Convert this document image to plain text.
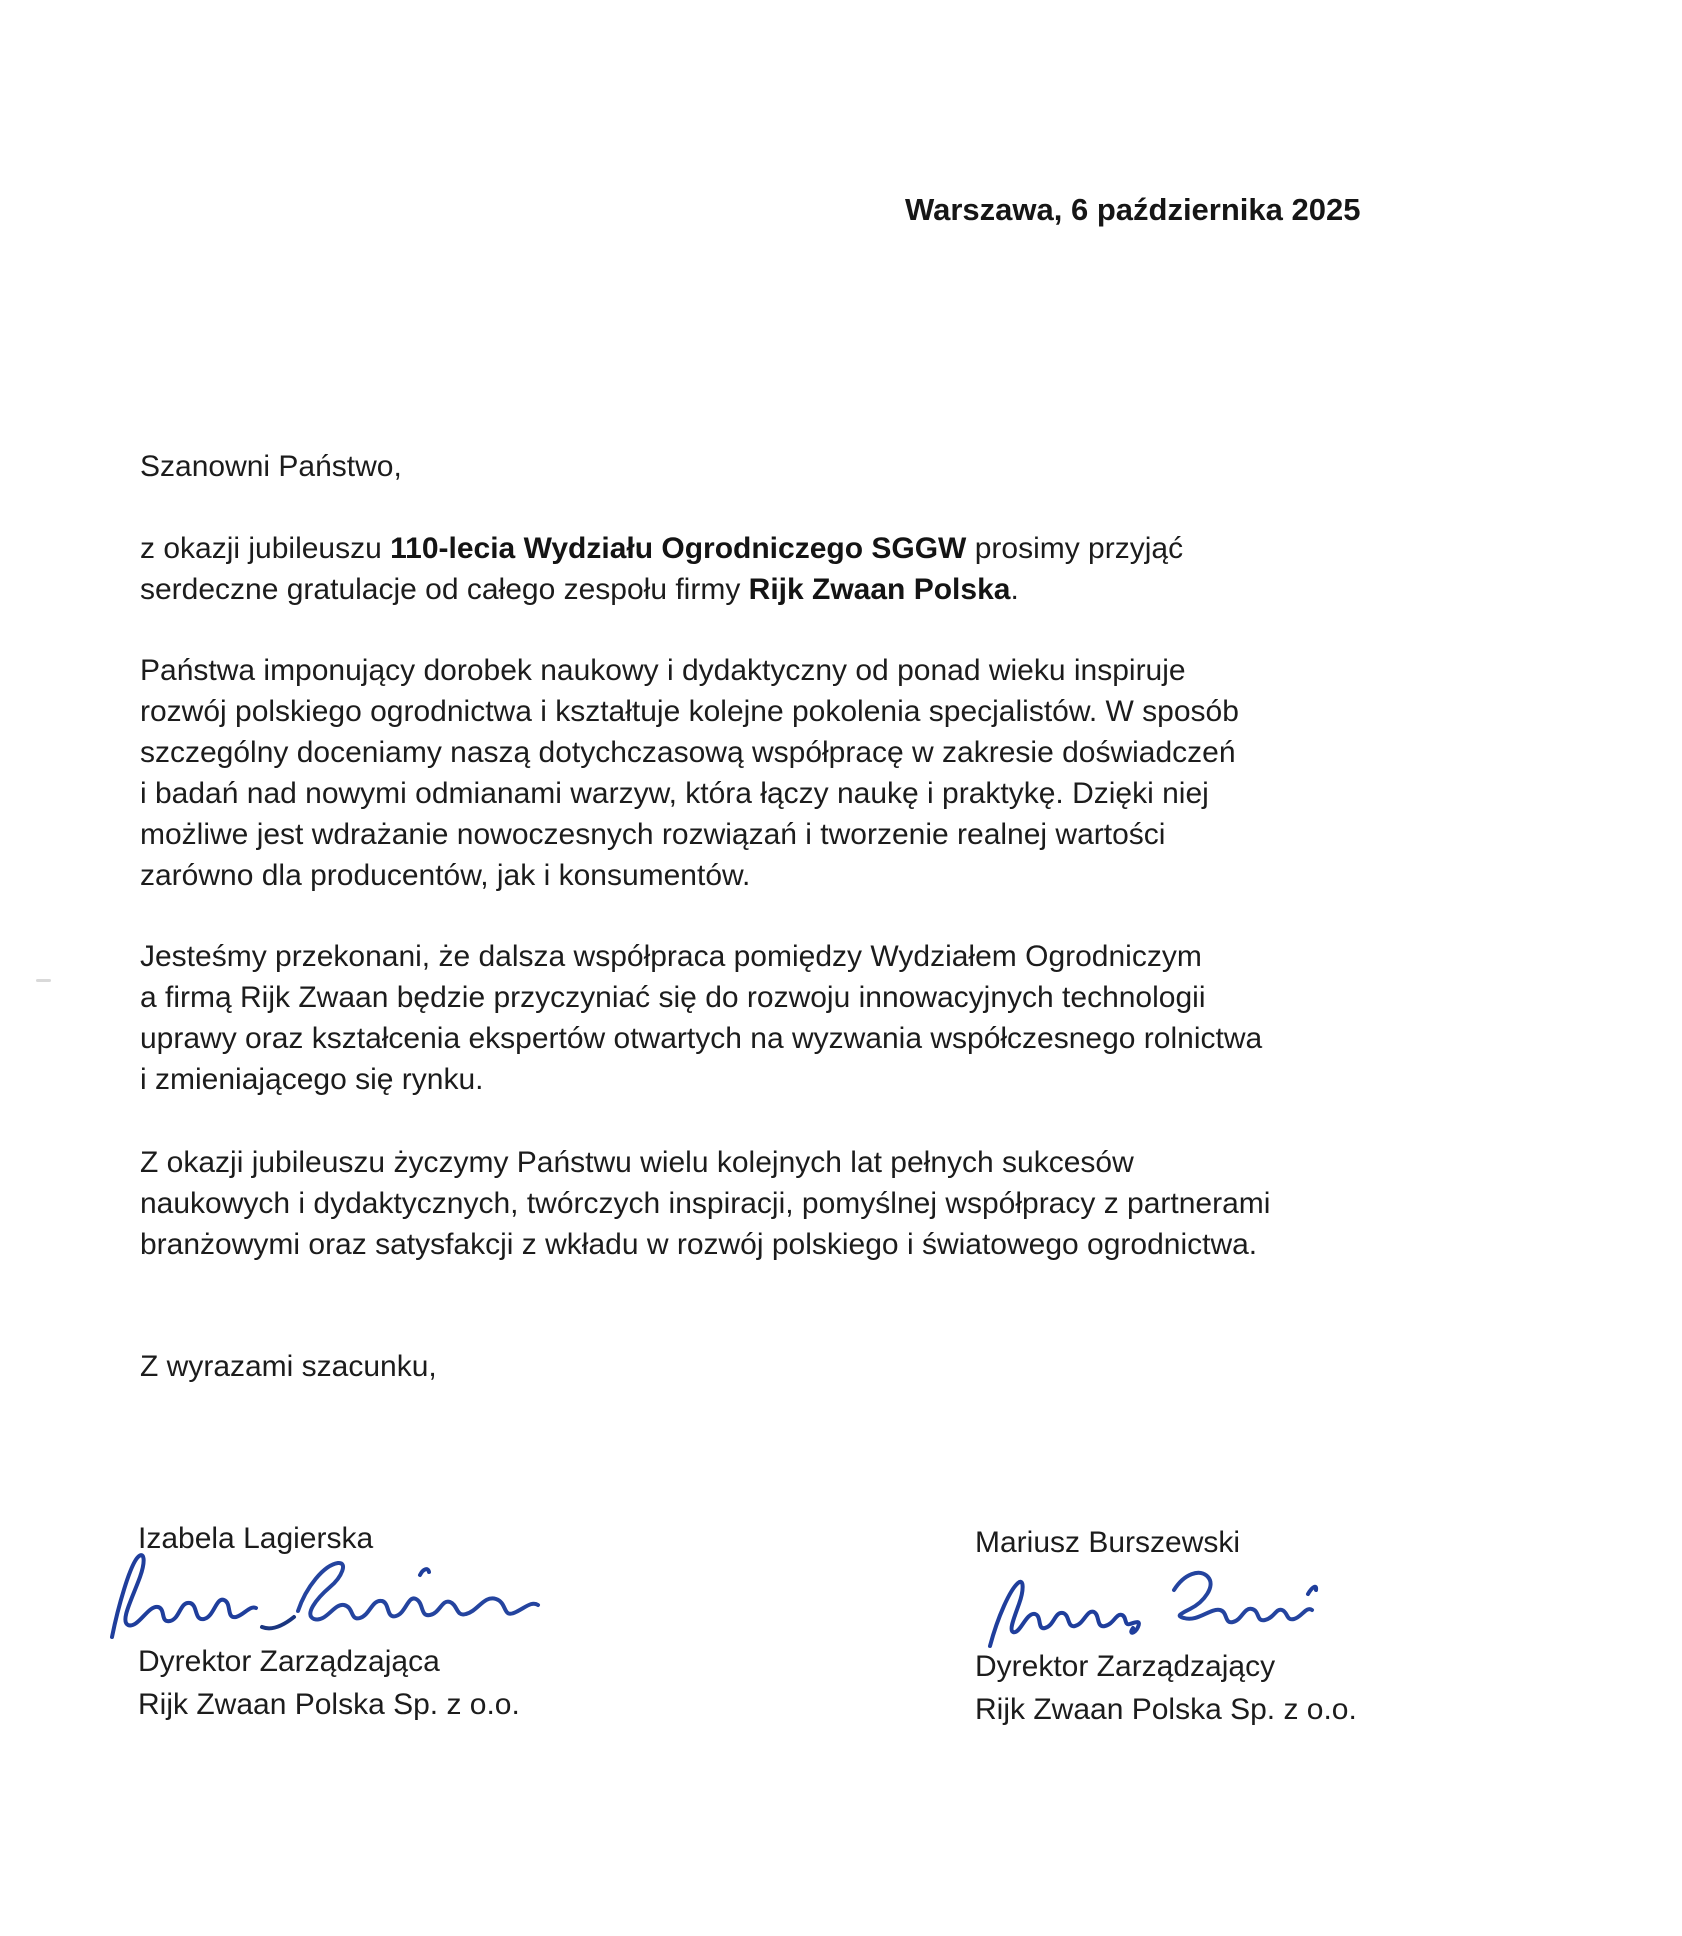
Warszawa, 6 października 2025
Szanowni Państwo,
z okazji jubileuszu 110-lecia Wydziału Ogrodniczego SGGW prosimy przyjąć
serdeczne gratulacje od całego zespołu firmy Rijk Zwaan Polska.
Państwa imponujący dorobek naukowy i dydaktyczny od ponad wieku inspiruje
rozwój polskiego ogrodnictwa i kształtuje kolejne pokolenia specjalistów. W sposób
szczególny doceniamy naszą dotychczasową współpracę w zakresie doświadczeń
i badań nad nowymi odmianami warzyw, która łączy naukę i praktykę. Dzięki niej
możliwe jest wdrażanie nowoczesnych rozwiązań i tworzenie realnej wartości
zarówno dla producentów, jak i konsumentów.
Jesteśmy przekonani, że dalsza współpraca pomiędzy Wydziałem Ogrodniczym
a firmą Rijk Zwaan będzie przyczyniać się do rozwoju innowacyjnych technologii
uprawy oraz kształcenia ekspertów otwartych na wyzwania współczesnego rolnictwa
i zmieniającego się rynku.
Z okazji jubileuszu życzymy Państwu wielu kolejnych lat pełnych sukcesów
naukowych i dydaktycznych, twórczych inspiracji, pomyślnej współpracy z partnerami
branżowymi oraz satysfakcji z wkładu w rozwój polskiego i światowego ogrodnictwa.
Z wyrazami szacunku,
Izabela Lagierska
Dyrektor Zarządzająca
Rijk Zwaan Polska Sp. z o.o.
Mariusz Burszewski
Dyrektor Zarządzający
Rijk Zwaan Polska Sp. z o.o.
